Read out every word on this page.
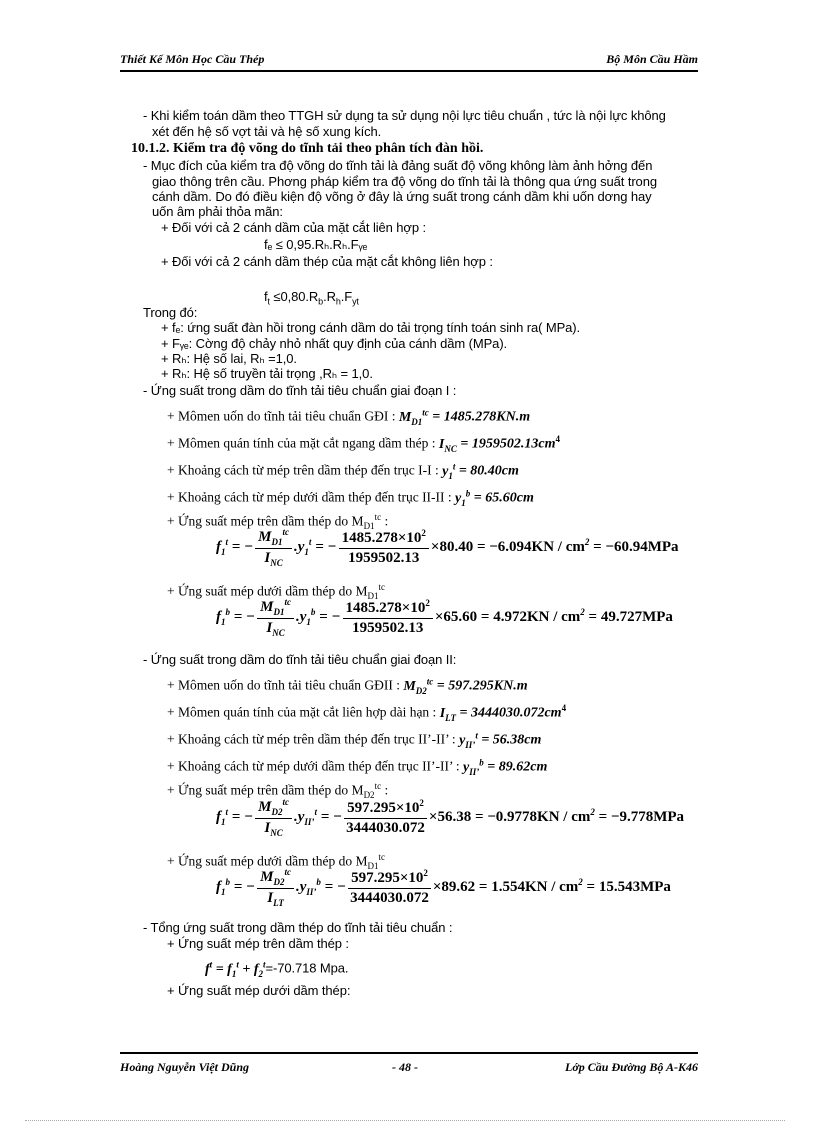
Thiết Kế Môn Học Cầu Thép	Bộ Môn Cầu Hầm
- Khi kiểm toán dầm theo TTGH sử dụng ta sử dụng nội lực tiêu chuẩn , tức là nội lực không
xét đến hệ số vợt tải và hệ số xung kích.
10.1.2. Kiểm tra độ võng do tĩnh tải theo phân tích đàn hồi.
- Mục đích của kiểm tra độ võng do tĩnh tải là đảng suất độ võng không làm ảnh hởng đến
giao thông trên cầu. Phơng pháp kiểm tra độ võng do tĩnh tải là thông qua ứng suất trong
cánh dầm. Do đó điều kiện độ võng ở đây là ứng suất trong cánh dầm khi uốn dơng hay
uốn âm phải thỏa mãn:
+ Đối với cả 2 cánh dầm của mặt cắt liên hợp :
fₑ ≤ 0,95.Rₕ.Rₕ.Fᵧₑ
+ Đối với cả 2 cánh dầm thép của mặt cắt không liên hợp :
$f_t \le 0,80.R_b.R_h.F_{yt}$
Trong đó:
+ fₑ: ứng suất đàn hồi trong cánh dầm do tải trọng tính toán sinh ra( MPa).
+ Fᵧₑ: Cờng độ chảy nhỏ nhất quy định của cánh dầm (MPa).
+ Rₕ: Hệ số lai, Rₕ =1,0.
+ Rₕ: Hệ số truyền tải trọng ,Rₕ = 1,0.
- Ứng suất trong dầm do tĩnh tải tiêu chuẩn giai đoạn I :
+ Mômen uốn do tĩnh tải tiêu chuẩn GĐI : $M_{D1}^{tc} = 1485.278KN.m$
+ Mômen quán tính của mặt cắt ngang dầm thép : $I_{NC} = 1959502.13cm^4$
+ Khoảng cách từ mép trên dầm thép đến trục I-I : $y_1^t = 80.40cm$
+ Khoảng cách từ mép dưới dầm thép đến trục II-II : $y_1^b = 65.60cm$
+ Ứng suất mép trên dầm thép do $M_{D1}^{tc}$ :
$f_1^t$ = − $\frac{M_{D1}^{tc}}{I_{NC}} .y_1^t$ = − $\frac{1485.278\times 10^2}{1959502.13} \times 80.40 = -6.094KN / cm^2 = -60.94MPa$
+ Ứng suất mép dưới dầm thép do $M_{D1}^{tc}$
$f_1^b$ = − $\frac{M_{D1}^{tc}}{I_{NC}} .y_1^b$ = − $\frac{1485.278\times 10^2}{1959502.13} \times 65.60 = 4.972KN / cm^2 = 49.727MPa$
- Ứng suất trong dầm do tĩnh tải tiêu chuẩn giai đoạn II:
+ Mômen uốn do tĩnh tải tiêu chuẩn GĐII : $M_{D2}^{tc} = 597.295KN.m$
+ Mômen quán tính của mặt cắt liên hợp dài hạn : $I_{LT} = 3444030.072cm^4$
+ Khoảng cách từ mép trên dầm thép đến trục II’-II’ : $y_{II’}^t = 56.38cm$
+ Khoảng cách từ mép dưới dầm thép đến trục II’-II’ : $y_{II’}^b = 89.62cm$
+ Ứng suất mép trên dầm thép do $M_{D2}^{tc}$ :
$f_1^t$ = − $\frac{M_{D2}^{tc}}{I_{NC}} .y_{II’}^t$ = − $\frac{597.295\times 10^2}{3444030.072} \times 56.38 = -0.9778KN / cm^2 = -9.778MPa$
+ Ứng suất mép dưới dầm thép do $M_{D1}^{tc}$
$f_1^b$ = − $\frac{M_{D2}^{tc}}{I_{LT}} .y_{II’}^b$ = − $\frac{597.295\times 10^2}{3444030.072} \times 89.62 = 1.554KN / cm^2 = 15.543MPa$
- Tổng ứng suất trong dầm thép do tĩnh tải tiêu chuẩn :
+ Ứng suất mép trên dầm thép :
$f^t = f_1^t + f_2^t=-70.718$ Mpa.
+ Ứng suất mép dưới dầm thép:
Hoàng Nguyễn Việt Dũng	- 48 -	Lớp Cầu Đường Bộ A-K46
